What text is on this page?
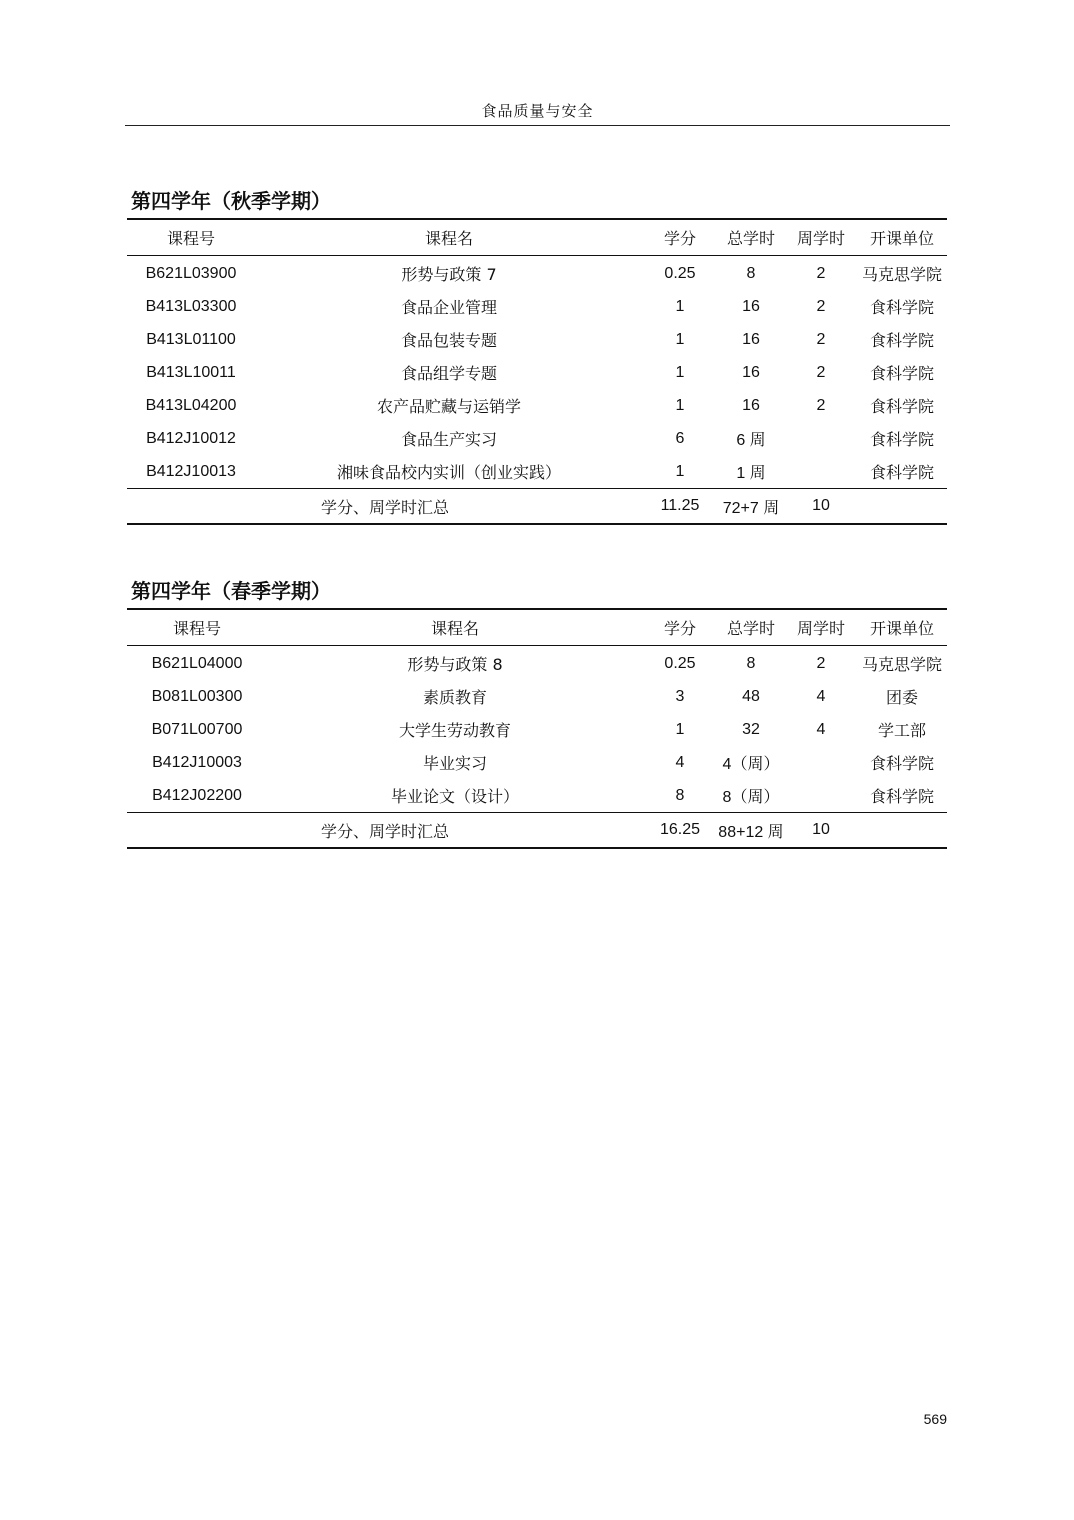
食品质量与安全
第四学年（秋季学期）
课程号	课程名	学分	总学时	周学时	开课单位
B621L03900	形势与政策 7	0.25	8	2	马克思学院
B413L03300	食品企业管理	1	16	2	食科学院
B413L01100	食品包装专题	1	16	2	食科学院
B413L10011	食品组学专题	1	16	2	食科学院
B413L04200	农产品贮藏与运销学	1	16	2	食科学院
B412J10012	食品生产实习	6	6 周		食科学院
B412J10013	湘味食品校内实训（创业实践）	1	1 周		食科学院
学分、周学时汇总		11.25	72+7 周	10	
第四学年（春季学期）
课程号	课程名	学分	总学时	周学时	开课单位
B621L04000	形势与政策 8	0.25	8	2	马克思学院
B081L00300	素质教育	3	48	4	团委
B071L00700	大学生劳动教育	1	32	4	学工部
B412J10003	毕业实习	4	4（周）		食科学院
B412J02200	毕业论文（设计）	8	8（周）		食科学院
学分、周学时汇总		16.25	88+12 周	10	
569
